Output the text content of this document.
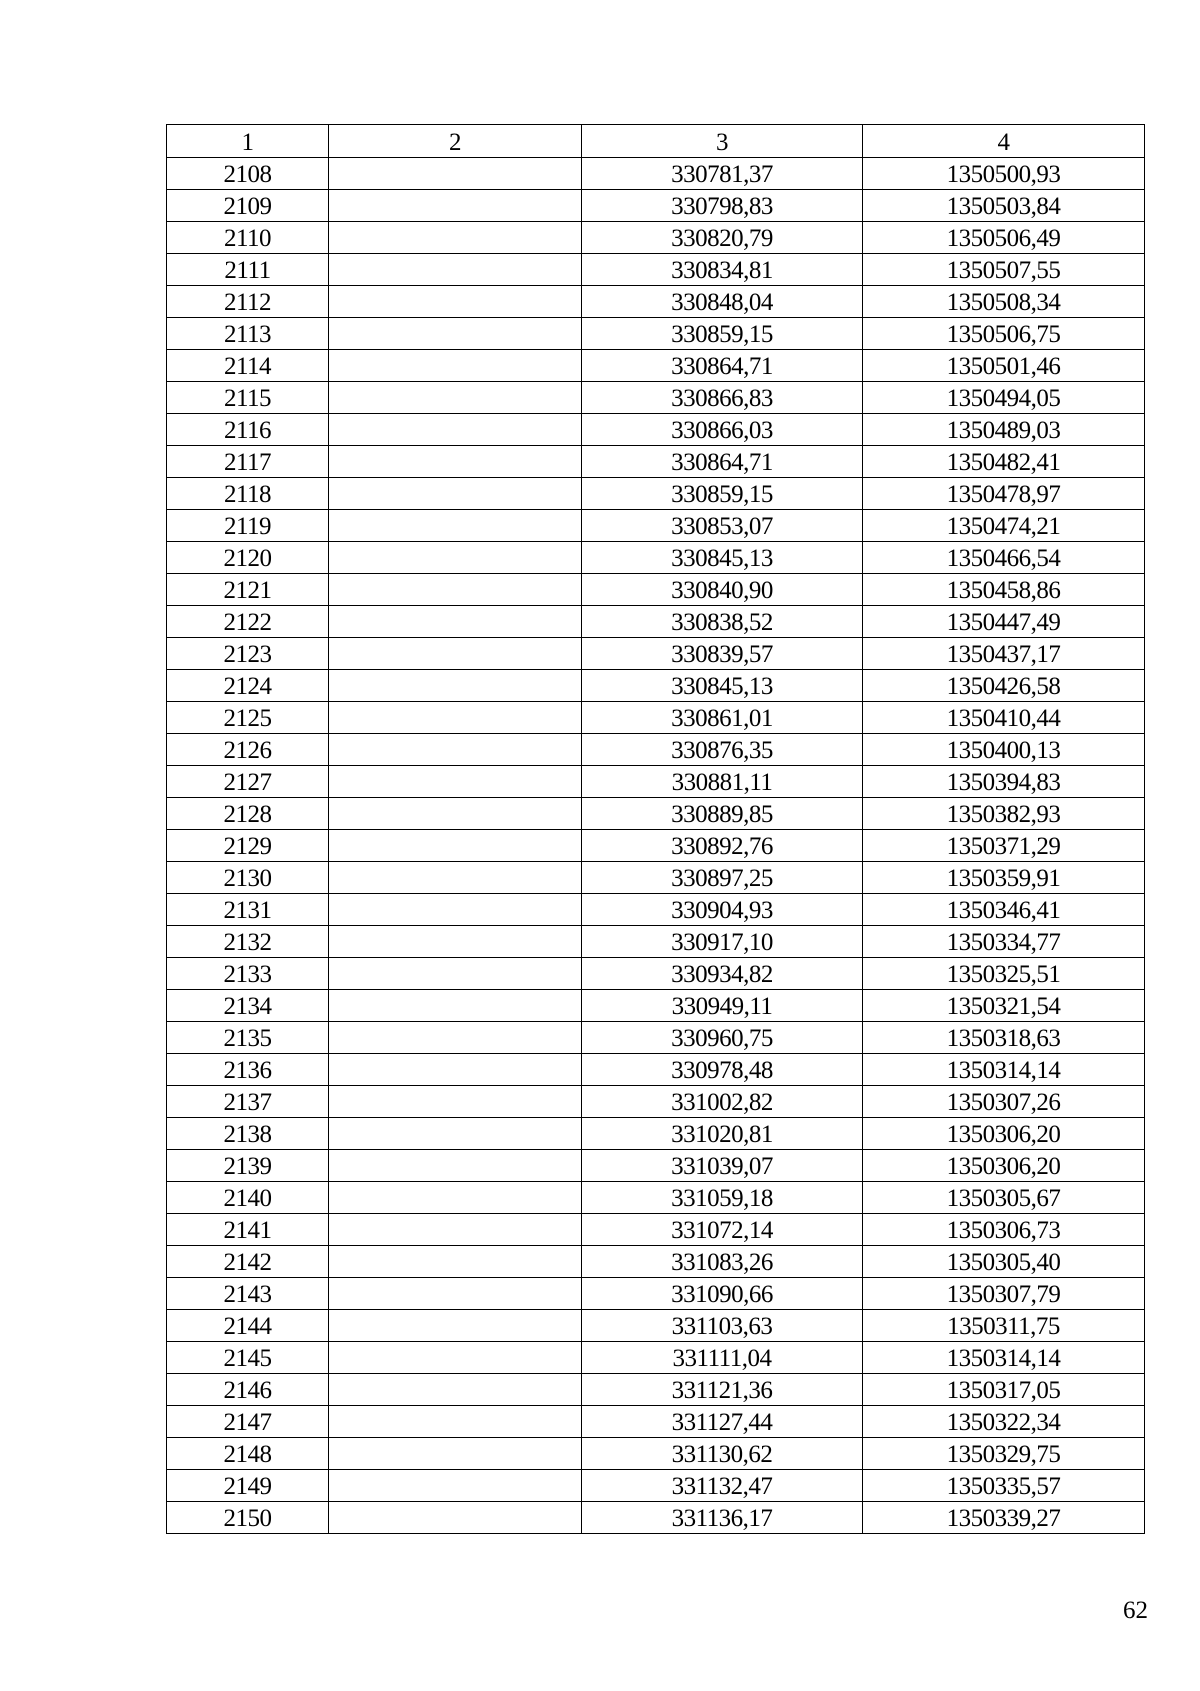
1	2	3	4
2108		330781,37	1350500,93
2109		330798,83	1350503,84
2110		330820,79	1350506,49
2111		330834,81	1350507,55
2112		330848,04	1350508,34
2113		330859,15	1350506,75
2114		330864,71	1350501,46
2115		330866,83	1350494,05
2116		330866,03	1350489,03
2117		330864,71	1350482,41
2118		330859,15	1350478,97
2119		330853,07	1350474,21
2120		330845,13	1350466,54
2121		330840,90	1350458,86
2122		330838,52	1350447,49
2123		330839,57	1350437,17
2124		330845,13	1350426,58
2125		330861,01	1350410,44
2126		330876,35	1350400,13
2127		330881,11	1350394,83
2128		330889,85	1350382,93
2129		330892,76	1350371,29
2130		330897,25	1350359,91
2131		330904,93	1350346,41
2132		330917,10	1350334,77
2133		330934,82	1350325,51
2134		330949,11	1350321,54
2135		330960,75	1350318,63
2136		330978,48	1350314,14
2137		331002,82	1350307,26
2138		331020,81	1350306,20
2139		331039,07	1350306,20
2140		331059,18	1350305,67
2141		331072,14	1350306,73
2142		331083,26	1350305,40
2143		331090,66	1350307,79
2144		331103,63	1350311,75
2145		331111,04	1350314,14
2146		331121,36	1350317,05
2147		331127,44	1350322,34
2148		331130,62	1350329,75
2149		331132,47	1350335,57
2150		331136,17	1350339,27
62
